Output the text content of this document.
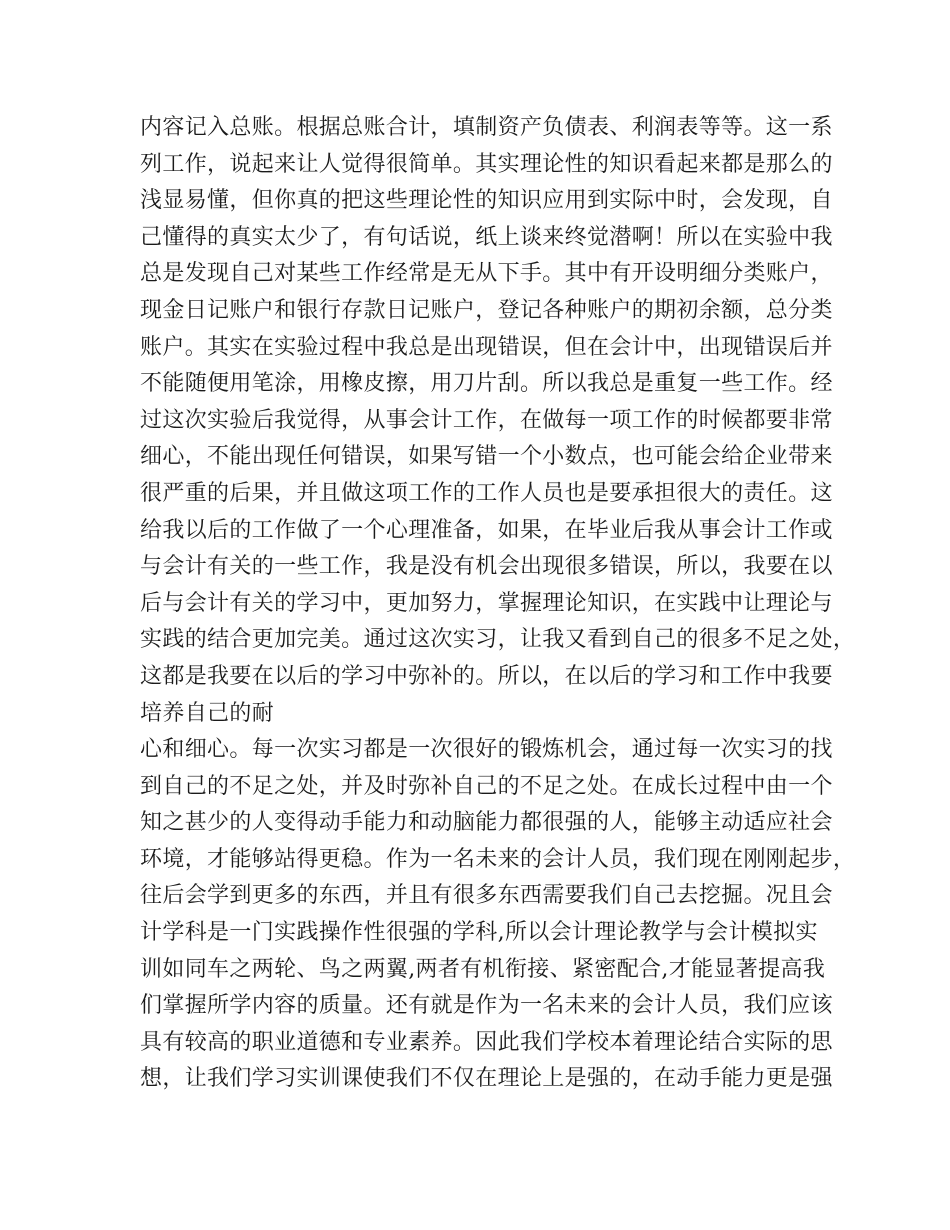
内容记入总账。根据总账合计，填制资产负债表、利润表等等。这一系
列工作，说起来让人觉得很简单。其实理论性的知识看起来都是那么的
浅显易懂，但你真的把这些理论性的知识应用到实际中时，会发现，自
己懂得的真实太少了，有句话说，纸上谈来终觉潜啊！所以在实验中我
总是发现自己对某些工作经常是无从下手。其中有开设明细分类账户，
现金日记账户和银行存款日记账户，登记各种账户的期初余额，总分类
账户。其实在实验过程中我总是出现错误，但在会计中，出现错误后并
不能随便用笔涂，用橡皮擦，用刀片刮。所以我总是重复一些工作。经
过这次实验后我觉得，从事会计工作，在做每一项工作的时候都要非常
细心，不能出现任何错误，如果写错一个小数点，也可能会给企业带来
很严重的后果，并且做这项工作的工作人员也是要承担很大的责任。这
给我以后的工作做了一个心理准备，如果，在毕业后我从事会计工作或
与会计有关的一些工作，我是没有机会出现很多错误，所以，我要在以
后与会计有关的学习中，更加努力，掌握理论知识，在实践中让理论与
实践的结合更加完美。通过这次实习，让我又看到自己的很多不足之处，
这都是我要在以后的学习中弥补的。所以，在以后的学习和工作中我要
培养自己的耐
心和细心。每一次实习都是一次很好的锻炼机会，通过每一次实习的找
到自己的不足之处，并及时弥补自己的不足之处。在成长过程中由一个
知之甚少的人变得动手能力和动脑能力都很强的人，能够主动适应社会
环境，才能够站得更稳。作为一名未来的会计人员，我们现在刚刚起步，
往后会学到更多的东西，并且有很多东西需要我们自己去挖掘。况且会
计学科是一门实践操作性很强的学科,所以会计理论教学与会计模拟实
训如同车之两轮、鸟之两翼,两者有机衔接、紧密配合,才能显著提高我
们掌握所学内容的质量。还有就是作为一名未来的会计人员，我们应该
具有较高的职业道德和专业素养。因此我们学校本着理论结合实际的思
想，让我们学习实训课使我们不仅在理论上是强的，在动手能力更是强
